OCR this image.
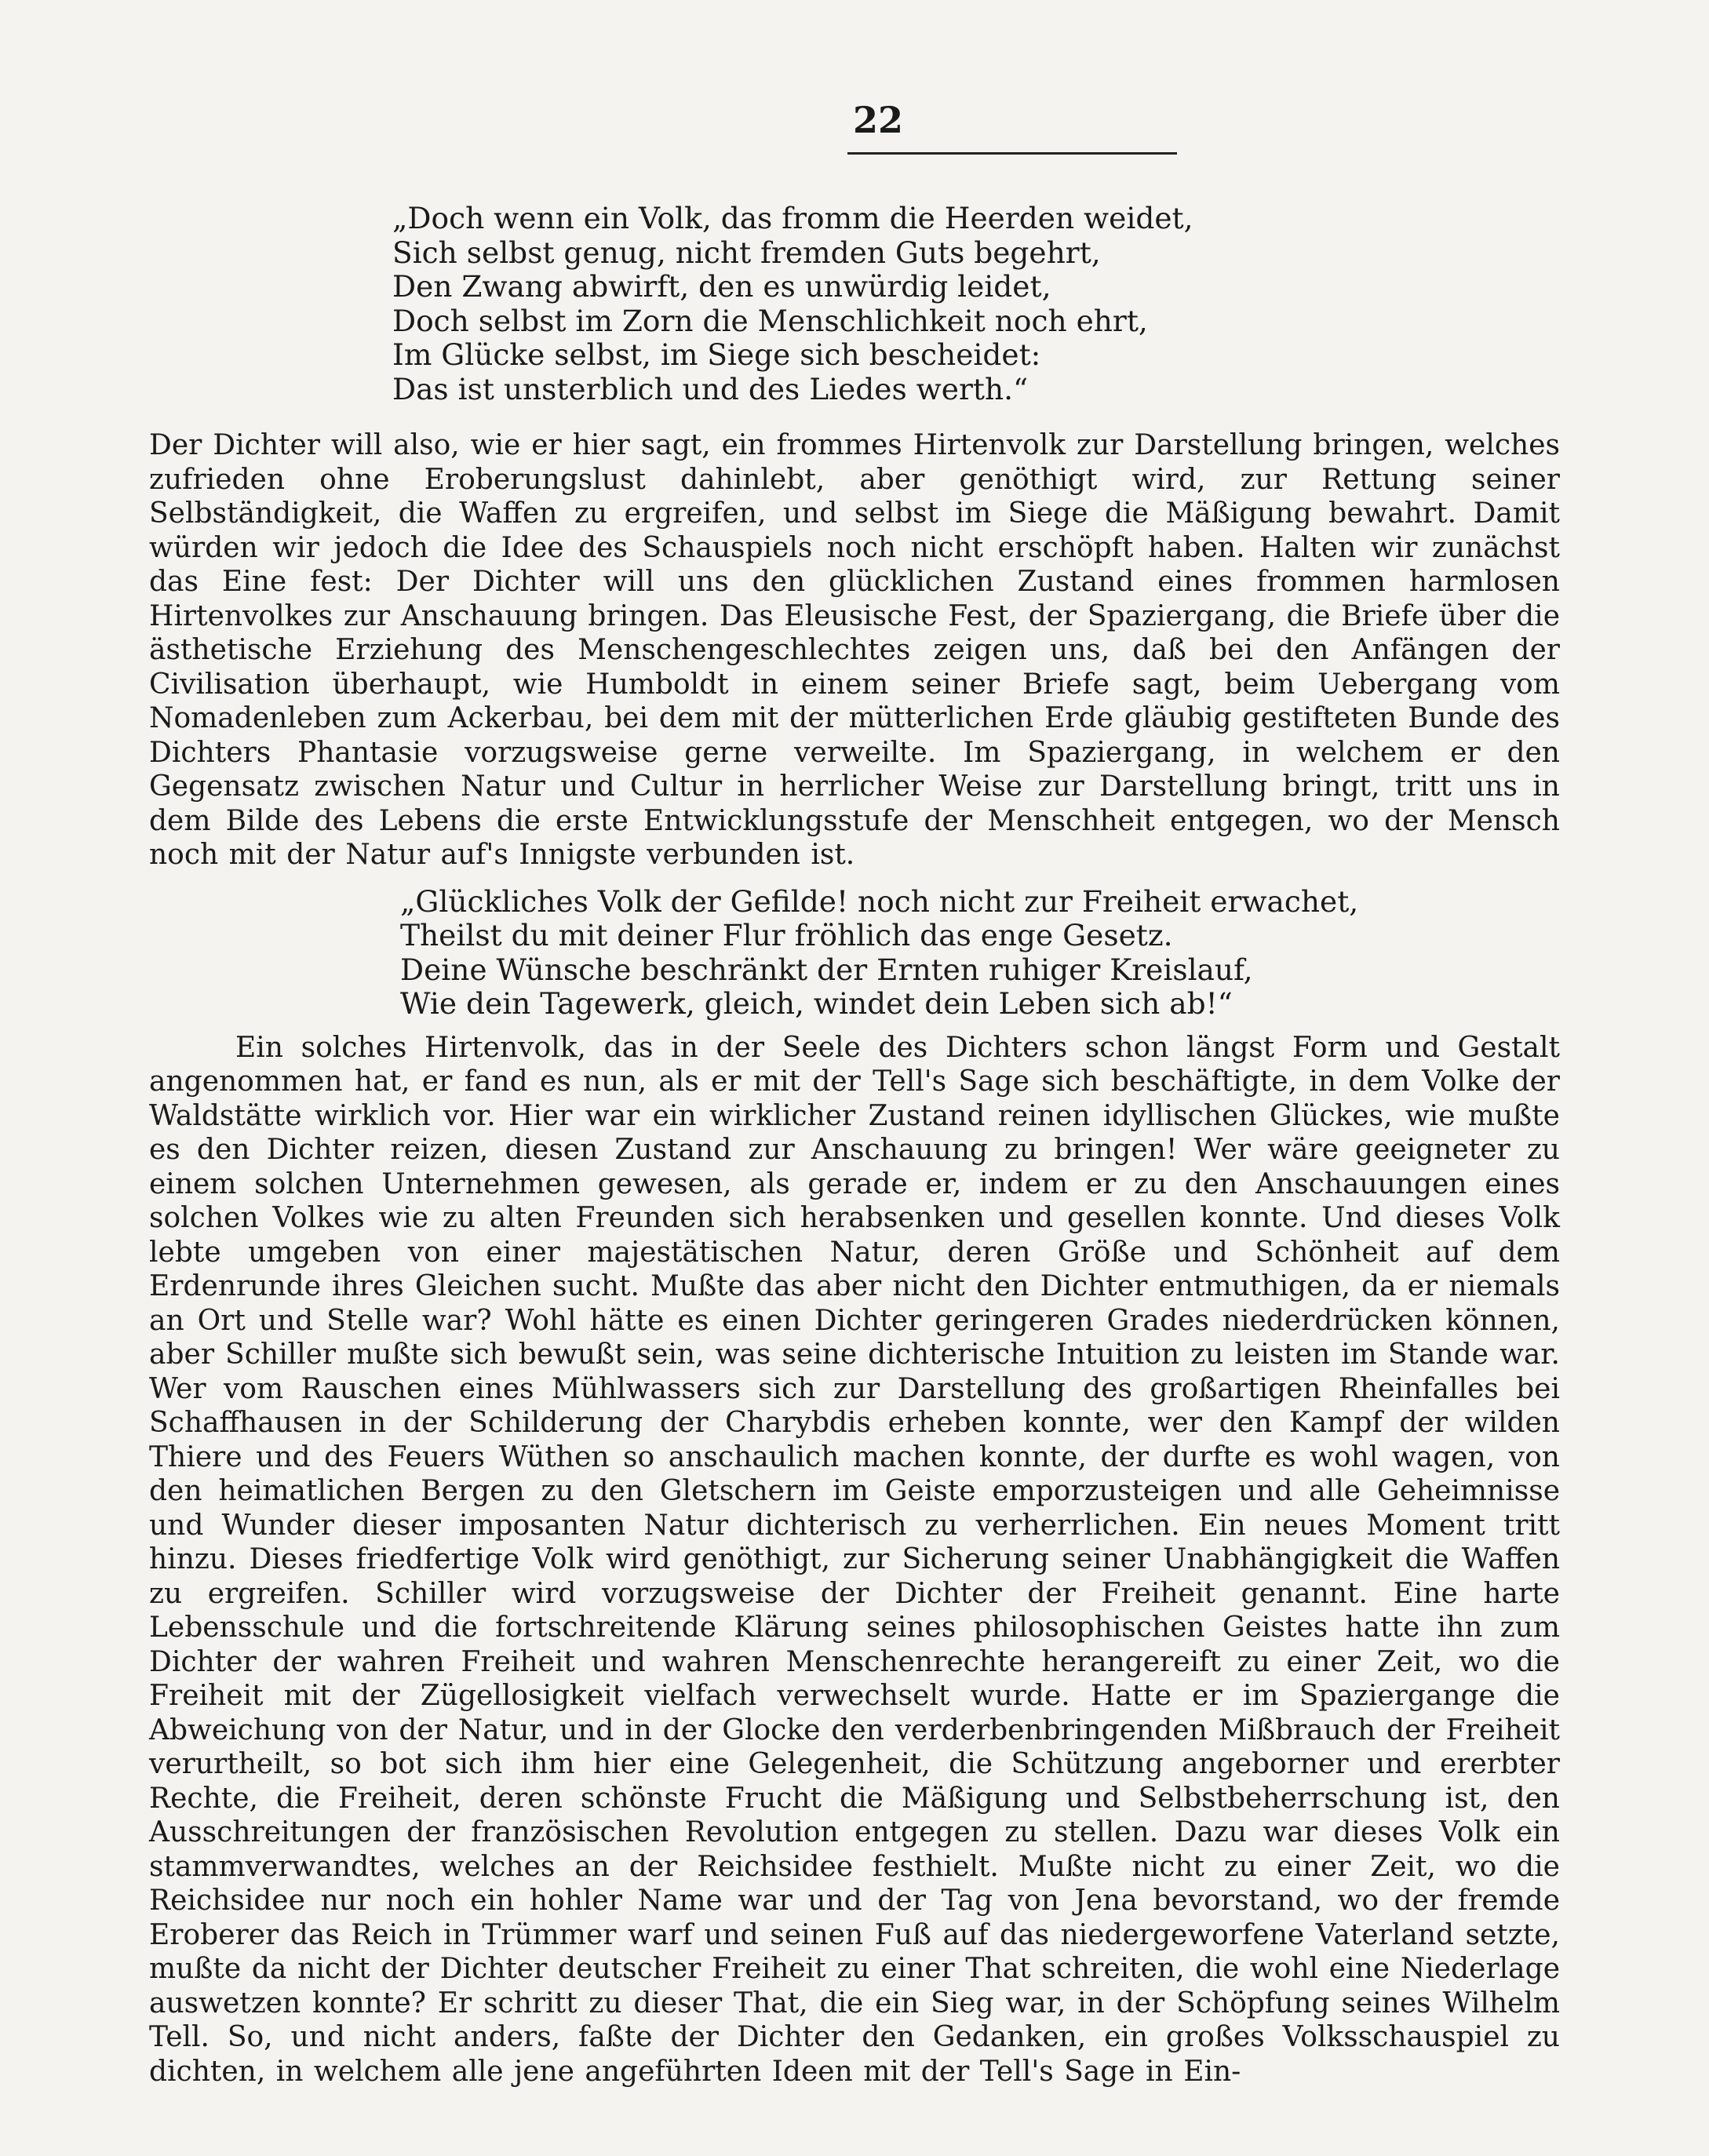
22
„Doch wenn ein Volk, das fromm die Heerden weidet,
Sich selbst genug, nicht fremden Guts begehrt,
Den Zwang abwirft, den es unwürdig leidet,
Doch selbst im Zorn die Menschlichkeit noch ehrt,
Im Glücke selbst, im Siege sich bescheidet:
Das ist unsterblich und des Liedes werth.“

Der Dichter will also, wie er hier sagt, ein frommes Hirtenvolk zur Darstellung bringen, welches zufrieden ohne Eroberungslust dahinlebt, aber genöthigt wird, zur Rettung seiner Selbständigkeit, die Waffen zu ergreifen, und selbst im Siege die Mäßigung bewahrt. Damit würden wir jedoch die Idee des Schauspiels noch nicht erschöpft haben. Halten wir zunächst das Eine fest: Der Dichter will uns den glücklichen Zustand eines frommen harmlosen Hirtenvolkes zur Anschauung bringen. Das Eleusische Fest, der Spaziergang, die Briefe über die ästhetische Erziehung des Menschengeschlechtes zeigen uns, daß bei den Anfängen der Civilisation überhaupt, wie Humboldt in einem seiner Briefe sagt, beim Uebergang vom Nomadenleben zum Ackerbau, bei dem mit der mütterlichen Erde gläubig gestifteten Bunde des Dichters Phantasie vorzugsweise gerne verweilte. Im Spaziergang, in welchem er den Gegensatz zwischen Natur und Cultur in herrlicher Weise zur Darstellung bringt, tritt uns in dem Bilde des Lebens die erste Entwicklungsstufe der Menschheit entgegen, wo der Mensch noch mit der Natur auf's Innigste verbunden ist.

„Glückliches Volk der Gefilde! noch nicht zur Freiheit erwachet,
Theilst du mit deiner Flur fröhlich das enge Gesetz.
Deine Wünsche beschränkt der Ernten ruhiger Kreislauf,
Wie dein Tagewerk, gleich, windet dein Leben sich ab!“

Ein solches Hirtenvolk, das in der Seele des Dichters schon längst Form und Gestalt angenommen hat, er fand es nun, als er mit der Tell's Sage sich beschäftigte, in dem Volke der Waldstätte wirklich vor. Hier war ein wirklicher Zustand reinen idyllischen Glückes, wie mußte es den Dichter reizen, diesen Zustand zur Anschauung zu bringen! Wer wäre geeigneter zu einem solchen Unternehmen gewesen, als gerade er, indem er zu den Anschauungen eines solchen Volkes wie zu alten Freunden sich herabsenken und gesellen konnte. Und dieses Volk lebte umgeben von einer majestätischen Natur, deren Größe und Schönheit auf dem Erdenrunde ihres Gleichen sucht. Mußte das aber nicht den Dichter entmuthigen, da er niemals an Ort und Stelle war? Wohl hätte es einen Dichter geringeren Grades niederdrücken können, aber Schiller mußte sich bewußt sein, was seine dichterische Intuition zu leisten im Stande war. Wer vom Rauschen eines Mühlwassers sich zur Darstellung des großartigen Rheinfalles bei Schaffhausen in der Schilderung der Charybdis erheben konnte, wer den Kampf der wilden Thiere und des Feuers Wüthen so anschaulich machen konnte, der durfte es wohl wagen, von den heimatlichen Bergen zu den Gletschern im Geiste emporzusteigen und alle Geheimnisse und Wunder dieser imposanten Natur dichterisch zu verherrlichen. Ein neues Moment tritt hinzu. Dieses friedfertige Volk wird genöthigt, zur Sicherung seiner Unabhängigkeit die Waffen zu ergreifen. Schiller wird vorzugsweise der Dichter der Freiheit genannt. Eine harte Lebensschule und die fortschreitende Klärung seines philosophischen Geistes hatte ihn zum Dichter der wahren Freiheit und wahren Menschenrechte herangereift zu einer Zeit, wo die Freiheit mit der Zügellosigkeit vielfach verwechselt wurde. Hatte er im Spaziergange die Abweichung von der Natur, und in der Glocke den verderbenbringenden Mißbrauch der Freiheit verurtheilt, so bot sich ihm hier eine Gelegenheit, die Schützung angeborner und ererbter Rechte, die Freiheit, deren schönste Frucht die Mäßigung und Selbstbeherrschung ist, den Ausschreitungen der französischen Revolution entgegen zu stellen. Dazu war dieses Volk ein stammverwandtes, welches an der Reichsidee festhielt. Mußte nicht zu einer Zeit, wo die Reichsidee nur noch ein hohler Name war und der Tag von Jena bevorstand, wo der fremde Eroberer das Reich in Trümmer warf und seinen Fuß auf das niedergeworfene Vaterland setzte, mußte da nicht der Dichter deutscher Freiheit zu einer That schreiten, die wohl eine Niederlage auswetzen konnte? Er schritt zu dieser That, die ein Sieg war, in der Schöpfung seines Wilhelm Tell. So, und nicht anders, faßte der Dichter den Gedanken, ein großes Volksschauspiel zu dichten, in welchem alle jene angeführten Ideen mit der Tell's Sage in Ein-
